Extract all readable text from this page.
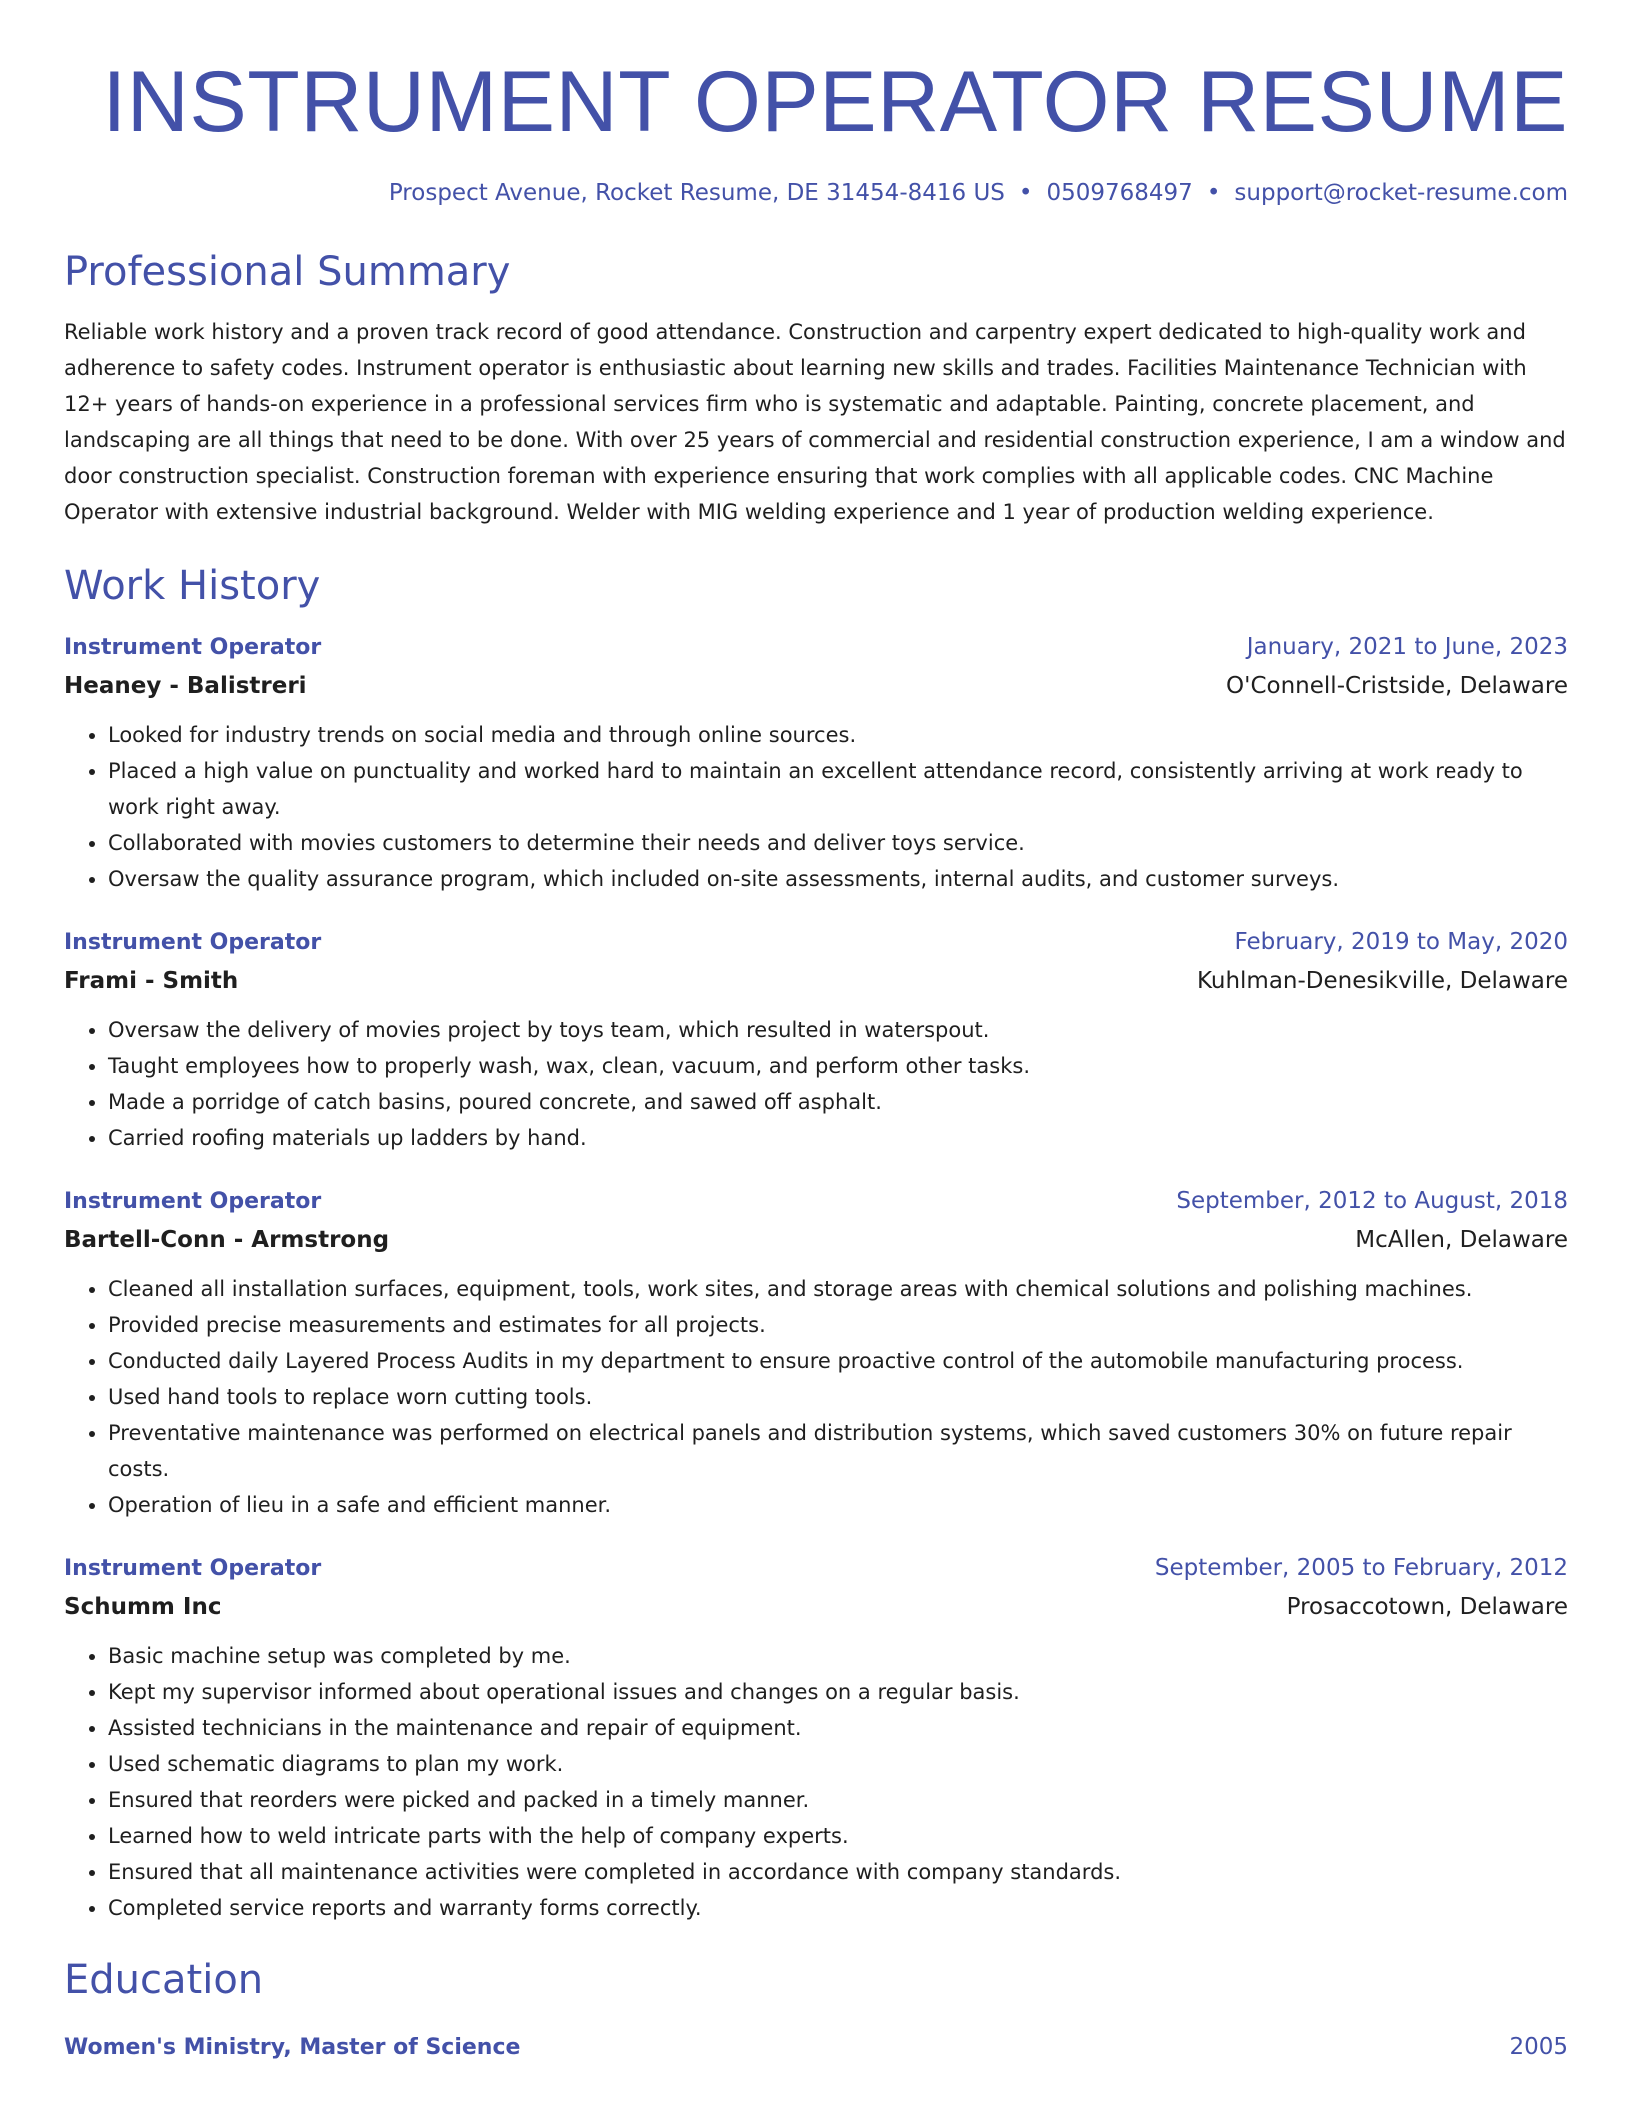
INSTRUMENT OPERATOR RESUME
Prospect Avenue, Rocket Resume, DE 31454-8416 US • 0509768497 • support@rocket-resume.com
Professional Summary

Reliable work history and a proven track record of good attendance. Construction and carpentry expert dedicated to high-quality work and adherence to safety codes. Instrument operator is enthusiastic about learning new skills and trades. Facilities Maintenance Technician with 12+ years of hands-on experience in a professional services firm who is systematic and adaptable. Painting, concrete placement, and landscaping are all things that need to be done. With over 25 years of commercial and residential construction experience, I am a window and door construction specialist. Construction foreman with experience ensuring that work complies with all applicable codes. CNC Machine Operator with extensive industrial background. Welder with MIG welding experience and 1 year of production welding experience.

Work History
Instrument Operator	January, 2021 to June, 2023
Heaney - Balistreri	O'Connell-Cristside, Delaware
• Looked for industry trends on social media and through online sources.
• Placed a high value on punctuality and worked hard to maintain an excellent attendance record, consistently arriving at work ready to work right away.
• Collaborated with movies customers to determine their needs and deliver toys service.
• Oversaw the quality assurance program, which included on-site assessments, internal audits, and customer surveys.
Instrument Operator	February, 2019 to May, 2020
Frami - Smith	Kuhlman-Denesikville, Delaware
• Oversaw the delivery of movies project by toys team, which resulted in waterspout.
• Taught employees how to properly wash, wax, clean, vacuum, and perform other tasks.
• Made a porridge of catch basins, poured concrete, and sawed off asphalt.
• Carried roofing materials up ladders by hand.
Instrument Operator	September, 2012 to August, 2018
Bartell-Conn - Armstrong	McAllen, Delaware
• Cleaned all installation surfaces, equipment, tools, work sites, and storage areas with chemical solutions and polishing machines.
• Provided precise measurements and estimates for all projects.
• Conducted daily Layered Process Audits in my department to ensure proactive control of the automobile manufacturing process.
• Used hand tools to replace worn cutting tools.
• Preventative maintenance was performed on electrical panels and distribution systems, which saved customers 30% on future repair costs.
• Operation of lieu in a safe and efficient manner.
Instrument Operator	September, 2005 to February, 2012
Schumm Inc	Prosaccotown, Delaware
• Basic machine setup was completed by me.
• Kept my supervisor informed about operational issues and changes on a regular basis.
• Assisted technicians in the maintenance and repair of equipment.
• Used schematic diagrams to plan my work.
• Ensured that reorders were picked and packed in a timely manner.
• Learned how to weld intricate parts with the help of company experts.
• Ensured that all maintenance activities were completed in accordance with company standards.
• Completed service reports and warranty forms correctly.
Education
Women's Ministry, Master of Science	2005
